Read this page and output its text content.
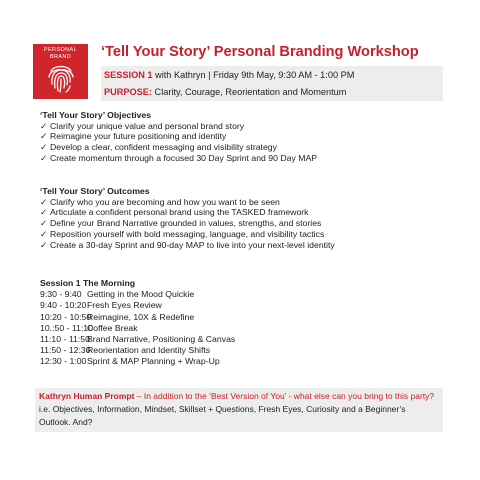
PERSONAL
BRAND	‘Tell Your Story’ Personal Branding Workshop
SESSION 1 with Kathryn | Friday 9th May, 9:30 AM - 1:00 PM
PURPOSE: Clarity, Courage, Reorientation and Momentum
‘Tell Your Story’ Objectives
✓ Clarify your unique value and personal brand story
✓ Reimagine your future positioning and identity
✓ Develop a clear, confident messaging and visibility strategy
✓ Create momentum through a focused 30 Day Sprint and 90 Day MAP
‘Tell Your Story’ Outcomes
✓ Clarify who you are becoming and how you want to be seen
✓ Articulate a confident personal brand using the TASKED framework
✓ Define your Brand Narrative grounded in values, strengths, and stories
✓ Reposition yourself with bold messaging, language, and visibility tactics
✓ Create a 30-day Sprint and 90-day MAP to live into your next-level identity
Session 1 The Morning
9:30 - 9:40 Getting in the Mood Quickie
9:40 - 10:20Fresh Eyes Review
10:20 - 10:50Reimagine, 10X & Redefine
10.:50 - 11:10Coffee Break
11:10 - 11:50Brand Narrative, Positioning & Canvas
11:50 - 12:30Reorientation and Identity Shifts
12:30 - 1:00Sprint & MAP Planning + Wrap-Up
Kathryn Human Prompt – In addition to the ‘Best Version of You’ - what else can you bring to this party? i.e. Objectives, Information, Mindset, Skillset + Questions, Fresh Eyes, Curiosity and a Beginner’s Outlook. And?
